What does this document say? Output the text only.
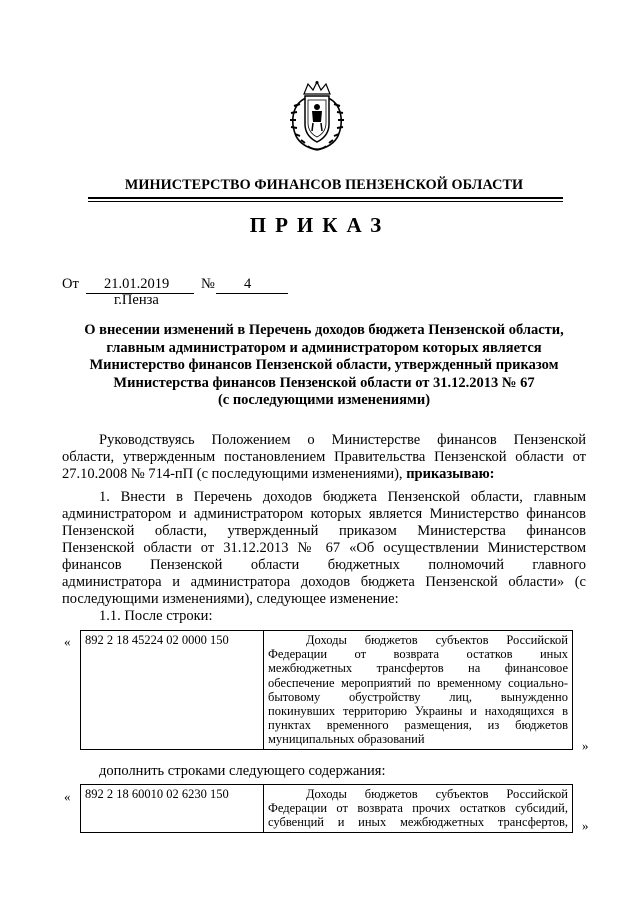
МИНИСТЕРСТВО ФИНАНСОВ ПЕНЗЕНСКОЙ ОБЛАСТИ
ПРИКАЗ
От 21.01.2019 № 4
г.Пенза
О внесении изменений в Перечень доходов бюджета Пензенской области,
главным администратором и администратором которых является
Министерство финансов Пензенской области, утвержденный приказом
Министерства финансов Пензенской области от 31.12.2013 № 67
(с последующими изменениями)
Руководствуясь Положением о Министерстве финансов Пензенской
области, утвержденным постановлением Правительства Пензенской области от
27.10.2008 № 714-пП (с последующими изменениями), приказываю:
1. Внести в Перечень доходов бюджета Пензенской области, главным
администратором и администратором которых является Министерство финансов
Пензенской области, утвержденный приказом Министерства финансов
Пензенской области от 31.12.2013 № 67 «Об осуществлении Министерством
финансов Пензенской области бюджетных полномочий главного
администратора и администратора доходов бюджета Пензенской области» (с
последующими изменениями), следующее изменение:
1.1. После строки:
« 892 2 18 45224 02 0000 150	Доходы бюджетов субъектов Российской
Федерации от возврата остатков иных
межбюджетных трансфертов на финансовое
обеспечение мероприятий по временному социально-
бытовому обустройству лиц, вынужденно
покинувших территорию Украины и находящихся в
пунктах временного размещения, из бюджетов
муниципальных образований	»
дополнить строками следующего содержания:
« 892 2 18 60010 02 6230 150	Доходы бюджетов субъектов Российской
Федерации от возврата прочих остатков субсидий,
субвенций и иных межбюджетных трансфертов, »
